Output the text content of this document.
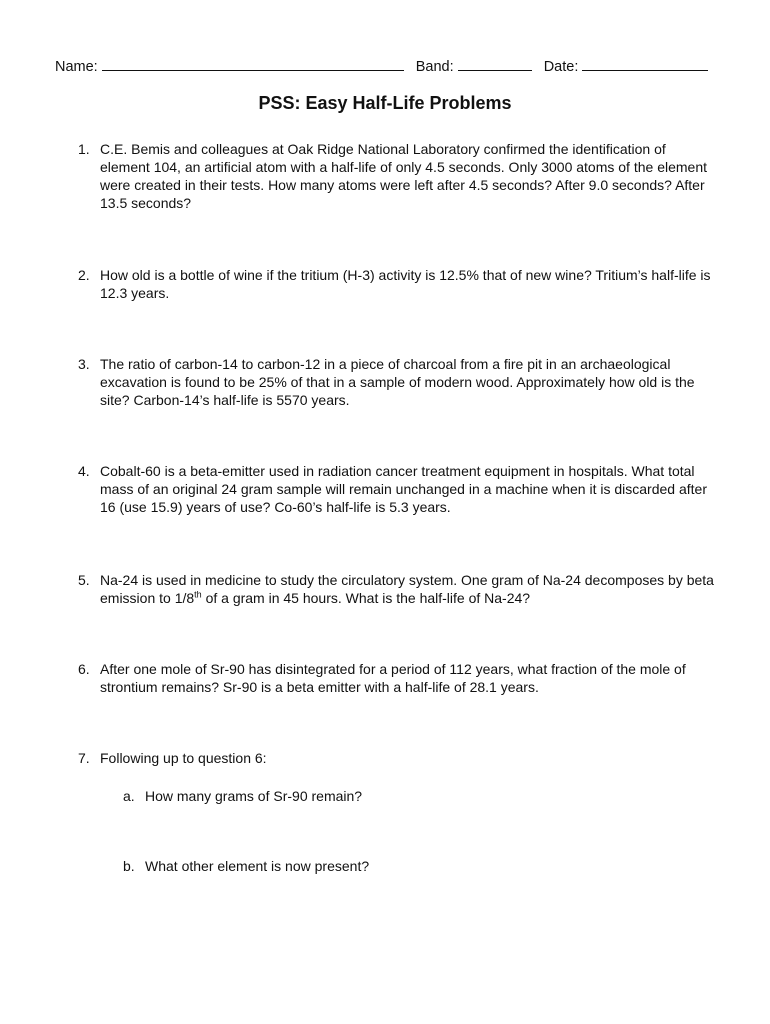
Name:	Band:	Date:
PSS: Easy Half-Life Problems
1. C.E. Bemis and colleagues at Oak Ridge National Laboratory confirmed the identification of element 104, an artificial atom with a half-life of only 4.5 seconds. Only 3000 atoms of the element were created in their tests. How many atoms were left after 4.5 seconds? After 9.0 seconds? After 13.5 seconds?
2. How old is a bottle of wine if the tritium (H-3) activity is 12.5% that of new wine? Tritium’s half-life is 12.3 years.
3. The ratio of carbon-14 to carbon-12 in a piece of charcoal from a fire pit in an archaeological excavation is found to be 25% of that in a sample of modern wood. Approximately how old is the site? Carbon-14’s half-life is 5570 years.
4. Cobalt-60 is a beta-emitter used in radiation cancer treatment equipment in hospitals. What total mass of an original 24 gram sample will remain unchanged in a machine when it is discarded after 16 (use 15.9) years of use? Co-60’s half-life is 5.3 years.
5. Na-24 is used in medicine to study the circulatory system. One gram of Na-24 decomposes by beta emission to 1/8th of a gram in 45 hours. What is the half-life of Na-24?
6. After one mole of Sr-90 has disintegrated for a period of 112 years, what fraction of the mole of strontium remains? Sr-90 is a beta emitter with a half-life of 28.1 years.
7. Following up to question 6:
a. How many grams of Sr-90 remain?
b. What other element is now present?
